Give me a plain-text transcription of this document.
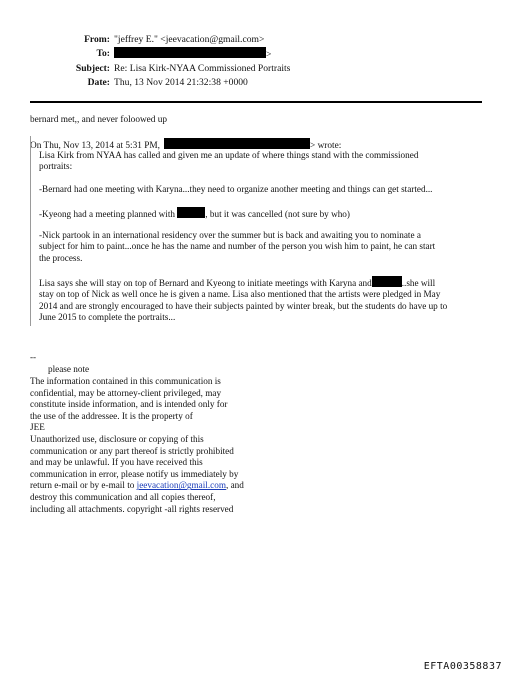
From: "jeffrey E." <jeevacation@gmail.com>
To:	>
Subject: Re: Lisa Kirk-NYAA Commissioned Portraits
Date: Thu, 13 Nov 2014 21:32:38 +0000
bernard met,, and never foloowed up
On Thu, Nov 13, 2014 at 5:31 PM,	> wrote:

Lisa Kirk from NYAA has called and given me an update of where things stand with the commissioned
portraits:

-Bernard had one meeting with Karyna...they need to organize another meeting and things can get started...

-Kyeong had a meeting planned with	, but it was cancelled (not sure by who)

-Nick partook in an international residency over the summer but is back and awaiting you to nominate a
subject for him to paint...once he has the name and number of the person you wish him to paint, he can start
the process.

Lisa says she will stay on top of Bernard and Kyeong to initiate meetings with Karyna and	..she will
stay on top of Nick as well once he is given a name. Lisa also mentioned that the artists were pledged in May
2014 and are strongly encouraged to have their subjects painted by winter break, but the students do have up to
June 2015 to complete the portraits...

--
please note
The information contained in this communication is
confidential, may be attorney-client privileged, may
constitute inside information, and is intended only for
the use of the addressee. It is the property of
JEE
Unauthorized use, disclosure or copying of this
communication or any part thereof is strictly prohibited
and may be unlawful. If you have received this
communication in error, please notify us immediately by
return e-mail or by e-mail to jeevacation@gmail.com, and
destroy this communication and all copies thereof,
including all attachments. copyright -all rights reserved
EFTA00358837
